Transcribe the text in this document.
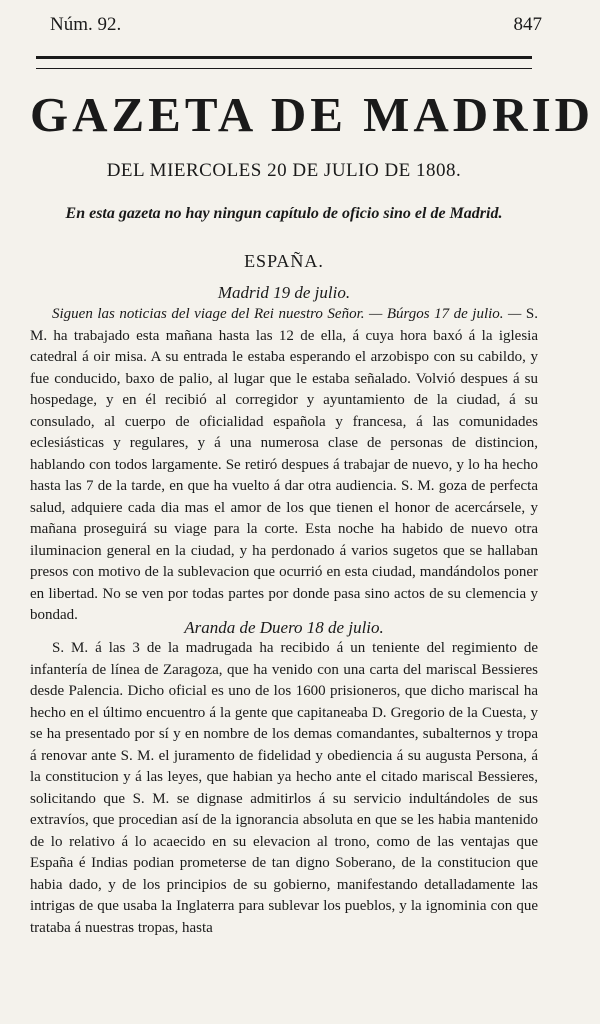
Núm. 92.	847
GAZETA DE MADRID
DEL MIERCOLES 20 DE JULIO DE 1808.
En esta gazeta no hay ningun capítulo de oficio sino el de Madrid.
ESPAÑA.
Madrid 19 de julio.

Siguen las noticias del viage del Rei nuestro Señor. — Búrgos 17 de julio. — S. M. ha trabajado esta mañana hasta las 12 de ella, á cuya hora baxó á la iglesia catedral á oir misa. A su entrada le estaba esperando el arzobispo con su cabildo, y fue conducido, baxo de palio, al lugar que le estaba señalado. Volvió despues á su hospedage, y en él recibió al corregidor y ayuntamiento de la ciudad, á su consulado, al cuerpo de oficialidad española y francesa, á las comunidades eclesiásticas y regulares, y á una numerosa clase de personas de distincion, hablando con todos largamente. Se retiró despues á trabajar de nuevo, y lo ha hecho hasta las 7 de la tarde, en que ha vuelto á dar otra audiencia. S. M. goza de perfecta salud, adquiere cada dia mas el amor de los que tienen el honor de acercársele, y mañana proseguirá su viage para la corte. Esta noche ha habido de nuevo otra iluminacion general en la ciudad, y ha perdonado á varios sugetos que se hallaban presos con motivo de la sublevacion que ocurrió en esta ciudad, mandándolos poner en libertad. No se ven por todas partes por donde pasa sino actos de su clemencia y bondad.

Aranda de Duero 18 de julio.

S. M. á las 3 de la madrugada ha recibido á un teniente del regimiento de infantería de línea de Zaragoza, que ha venido con una carta del mariscal Bessieres desde Palencia. Dicho oficial es uno de los 1600 prisioneros, que dicho mariscal ha hecho en el último encuentro á la gente que capitaneaba D. Gregorio de la Cuesta, y se ha presentado por sí y en nombre de los demas comandantes, subalternos y tropa á renovar ante S. M. el juramento de fidelidad y obediencia á su augusta Persona, á la constitucion y á las leyes, que habian ya hecho ante el citado mariscal Bessieres, solicitando que S. M. se dignase admitirlos á su servicio indultándoles de sus extravíos, que procedian así de la ignorancia absoluta en que se les habia mantenido de lo relativo á lo acaecido en su elevacion al trono, como de las ventajas que España é Indias podian prometerse de tan digno Soberano, de la constitucion que habia dado, y de los principios de su gobierno, manifestando detalladamente las intrigas de que usaba la Inglaterra para sublevar los pueblos, y la ignominia con que trataba á nuestras tropas, hasta
